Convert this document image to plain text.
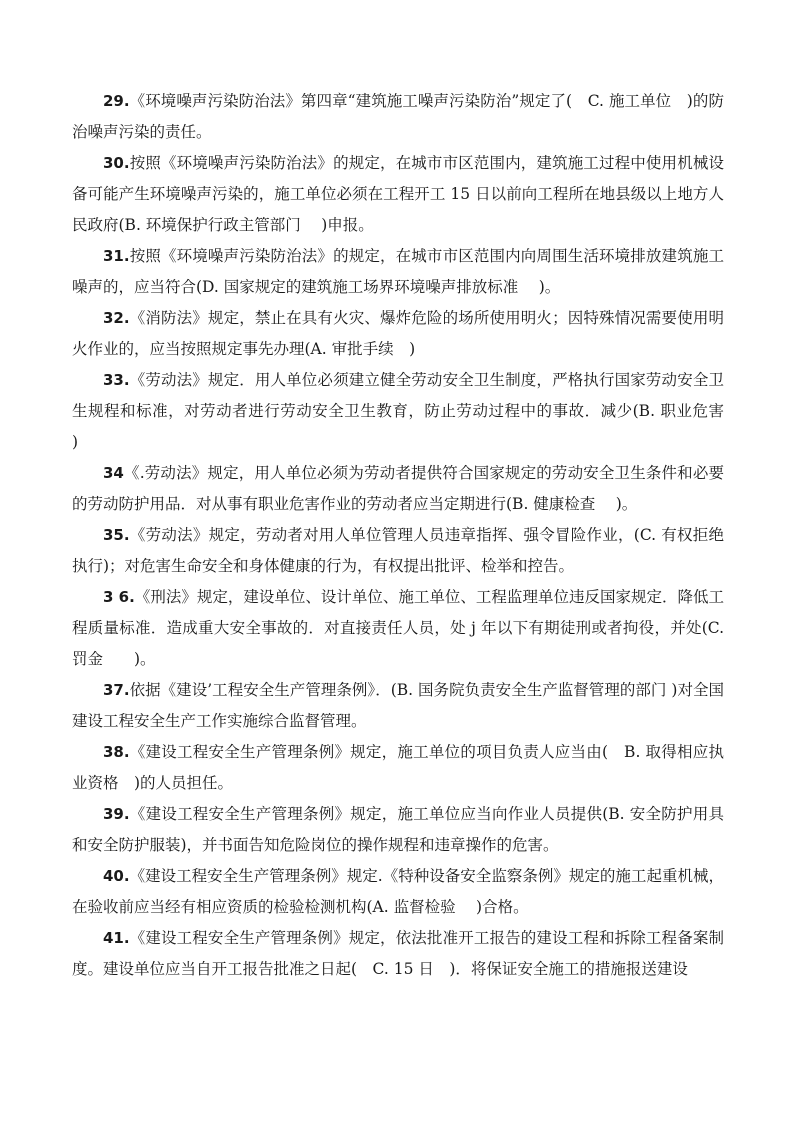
29.《环境噪声污染防治法》第四章“建筑施工噪声污染防治”规定了(　C. 施工单位　)的防治噪声污染的责任。

30.按照《环境噪声污染防治法》的规定，在城市市区范围内，建筑施工过程中使用机械设备可能产生环境噪声污染的，施工单位必须在工程开工 15 日以前向工程所在地县级以上地方人民政府(B. 环境保护行政主管部门　 )申报。

31.按照《环境噪声污染防治法》的规定，在城市市区范围内向周围生活环境排放建筑施工噪声的，应当符合(D. 国家规定的建筑施工场界环境噪声排放标准　 )。

32.《消防法》规定，禁止在具有火灾、爆炸危险的场所使用明火；因特殊情况需要使用明火作业的，应当按照规定事先办理(A. 审批手续　)

33.《劳动法》规定．用人单位必须建立健全劳动安全卫生制度，严格执行国家劳动安全卫生规程和标准，对劳动者进行劳动安全卫生教育，防止劳动过程中的事故．减少(B. 职业危害　 )

34《.劳动法》规定，用人单位必须为劳动者提供符合国家规定的劳动安全卫生条件和必要的劳动防护用品．对从事有职业危害作业的劳动者应当定期进行(B. 健康检查　 )。

35.《劳动法》规定，劳动者对用人单位管理人员违章指挥、强令冒险作业，(C. 有权拒绝执行)；对危害生命安全和身体健康的行为，有权提出批评、检举和控告。

3 6.《刑法》规定，建设单位、设计单位、施工单位、工程监理单位违反国家规定．降低工程质量标准．造成重大安全事故的．对直接责任人员，处 j 年以下有期徒刑或者拘役，并处(C. 罚金　　)。

37.依据《建设’工程安全生产管理条例》．(B. 国务院负责安全生产监督管理的部门 )对全国建设工程安全生产工作实施综合监督管理。

38.《建设工程安全生产管理条例》规定，施工单位的项目负责人应当由(　B. 取得相应执业资格　)的人员担任。

39.《建设工程安全生产管理条例》规定，施工单位应当向作业人员提供(B. 安全防护用具和安全防护服装)，并书面告知危险岗位的操作规程和违章操作的危害。

40.《建设工程安全生产管理条例》规定.《特种设备安全监察条例》规定的施工起重机械，在验收前应当经有相应资质的检验检测机构(A. 监督检验　 )合格。

41.《建设工程安全生产管理条例》规定，依法批准开工报告的建设工程和拆除工程备案制度。建设单位应当自开工报告批准之日起(　C. 15 日　)．将保证安全施工的措施报送建设
